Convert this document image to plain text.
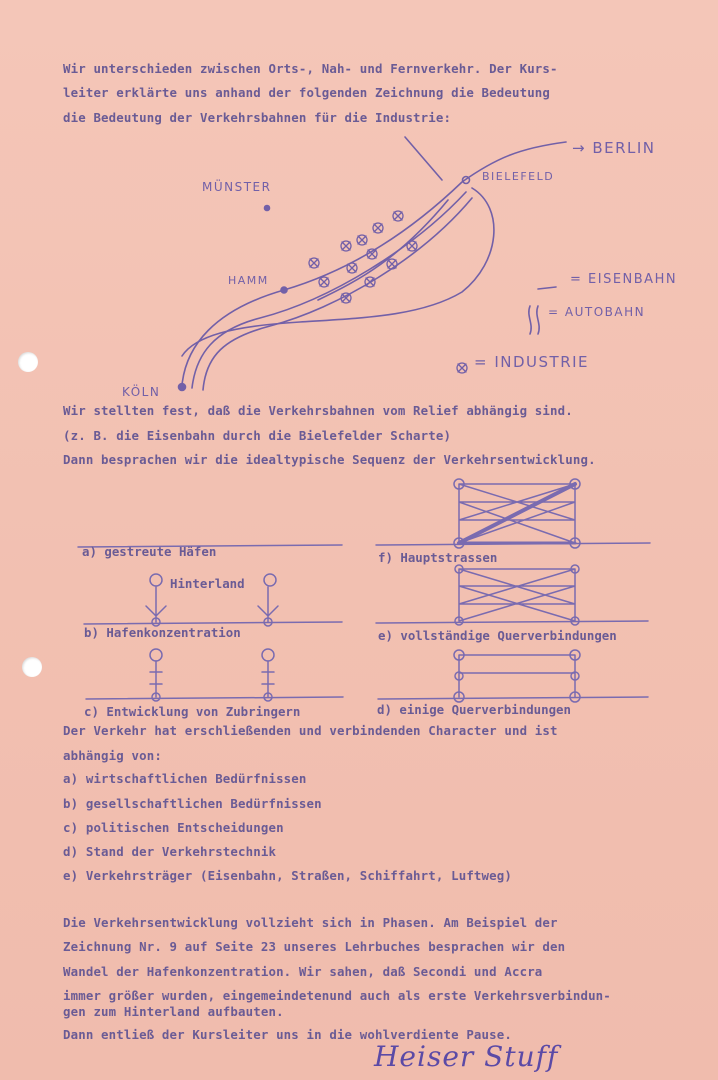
Wir unterschieden zwischen Orts-, Nah- und Fernverkehr. Der Kurs-
leiter erklärte uns anhand der folgenden Zeichnung die Bedeutung
die Bedeutung der Verkehrsbahnen für die Industrie:
→ BERLIN
BIELEFELD
MÜNSTER
HAMM
KÖLN
= EISENBAHN
= AUTOBAHN
= INDUSTRIE
Wir stellten fest, daß die Verkehrsbahnen vom Relief abhängig sind.
(z. B. die Eisenbahn durch die Bielefelder Scharte)
Dann besprachen wir die idealtypische Sequenz der Verkehrsentwicklung.
a) gestreute Häfen
Hinterland
b) Hafenkonzentration
c) Entwicklung von Zubringern	d) einige Querverbindungen
e) vollständige Querverbindungen
f) Hauptstrassen
Der Verkehr hat erschließenden und verbindenden Character und ist
abhängig von:
a) wirtschaftlichen Bedürfnissen
b) gesellschaftlichen Bedürfnissen
c) politischen Entscheidungen
d) Stand der Verkehrstechnik
e) Verkehrsträger (Eisenbahn, Straßen, Schiffahrt, Luftweg)
Die Verkehrsentwicklung vollzieht sich in Phasen. Am Beispiel der
Zeichnung Nr. 9 auf Seite 23 unseres Lehrbuches besprachen wir den
Wandel der Hafenkonzentration. Wir sahen, daß Secondi und Accra
immer größer wurden, eingemeindetenund auch als erste Verkehrsverbindun-
gen zum Hinterland aufbauten.
Dann entließ der Kursleiter uns in die wohlverdiente Pause.
Heiser Stuff
